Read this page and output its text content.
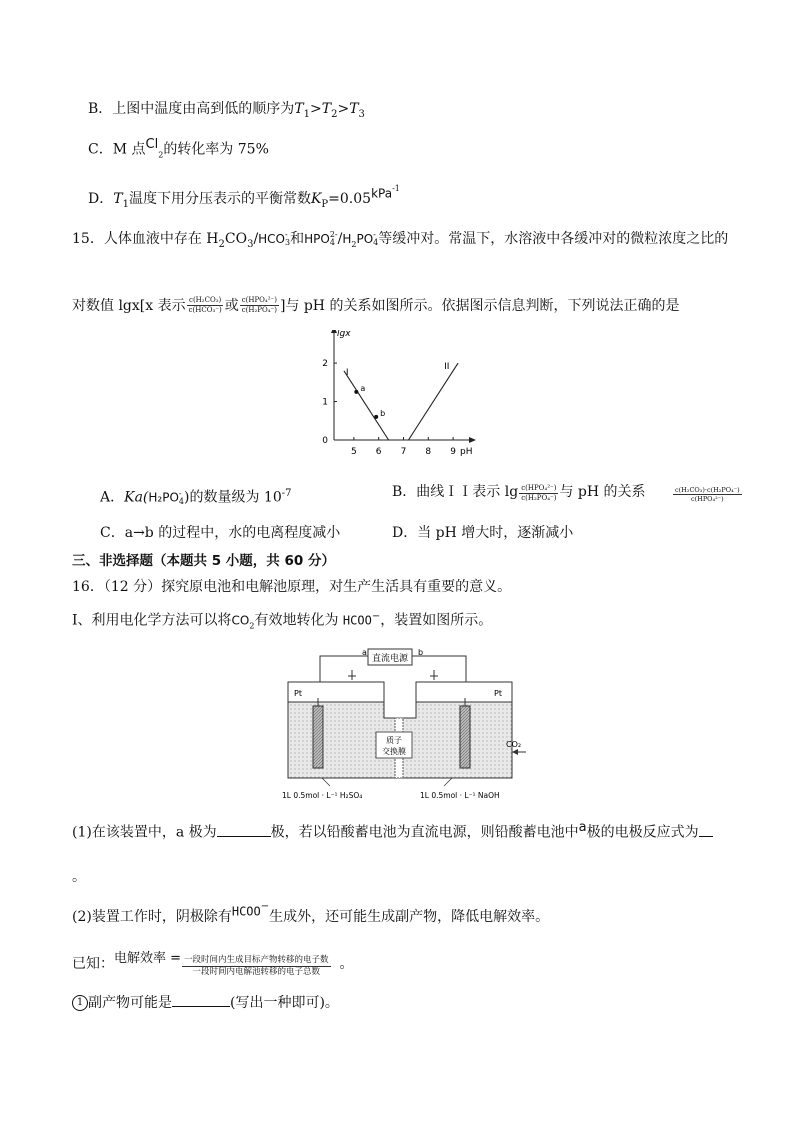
B．上图中温度由高到低的顺序为$T_1>T_2>T_3$
C．M 点$^{Cl}_2$的转化率为 75%
D．$T_1$温度下用分压表示的平衡常数$K_P=0.05^{kPa-1}$
15．人体血液中存在 $H_2CO_3$/HCO -
3 和HPO 2-
4 $/H_2PO$ -
4 等缓冲对。常温下，水溶液中各缓冲对的微粒浓度之比的
对数值 lgx[x 表示 $\frac{\text{c(H₂CO₃)}}{\text{c(HCO₃⁻)}}$ 或 $\frac{\text{c(HPO₄²⁻)}}{\text{c(H₂PO₄⁻)}}$ ]与 pH 的关系如图所示。依据图示信息判断，下列说法正确的是
lgx
pH
5 6 7 8 9
0
1
2
I
II
a
b
A．Ka(H₂PO -
4 )的数量级为 $10^{-7}$	B．曲线ＩＩ表示 $\lg \frac{\text{c(HPO₄²⁻)}}{\text{c(H₂PO₄⁻)}}$ 与 pH 的关系	$\frac{\text{c(H₂CO₃)·c(H₂PO₄⁻)}}{\text{c(HPO₄²⁻)}}$
C．a→b 的过程中，水的电离程度减小	D．当 pH 增大时，逐渐减小
三、非选择题（本题共 5 小题，共 60 分）
16．（12 分）探究原电池和电解池原理，对生产生活具有重要的意义。
I、利用电化学方法可以将$CO_2$有效地转化为 HCOO−，装置如图所示。
直流电源
a	b
Pt	Pt
质子
交换膜
CO₂
1L 0.5mol · L⁻¹ H₂SO₄	1L 0.5mol · L⁻¹ NaOH
(1)在该装置中，a 极为	极，若以铅酸蓄电池为直流电源，则铅酸蓄电池中$^a$极的电极反应式为
。
(2)装置工作时，阴极除有$^{HCOO-}$生成外，还可能生成副产物，降低电解效率。
已知：电解效率 = $\frac{\text{一段时间内生成目标产物转移的电子数}}{\text{一段时间内电解池转移的电子总数}}$ 。
1 副产物可能是	(写出一种即可)。
